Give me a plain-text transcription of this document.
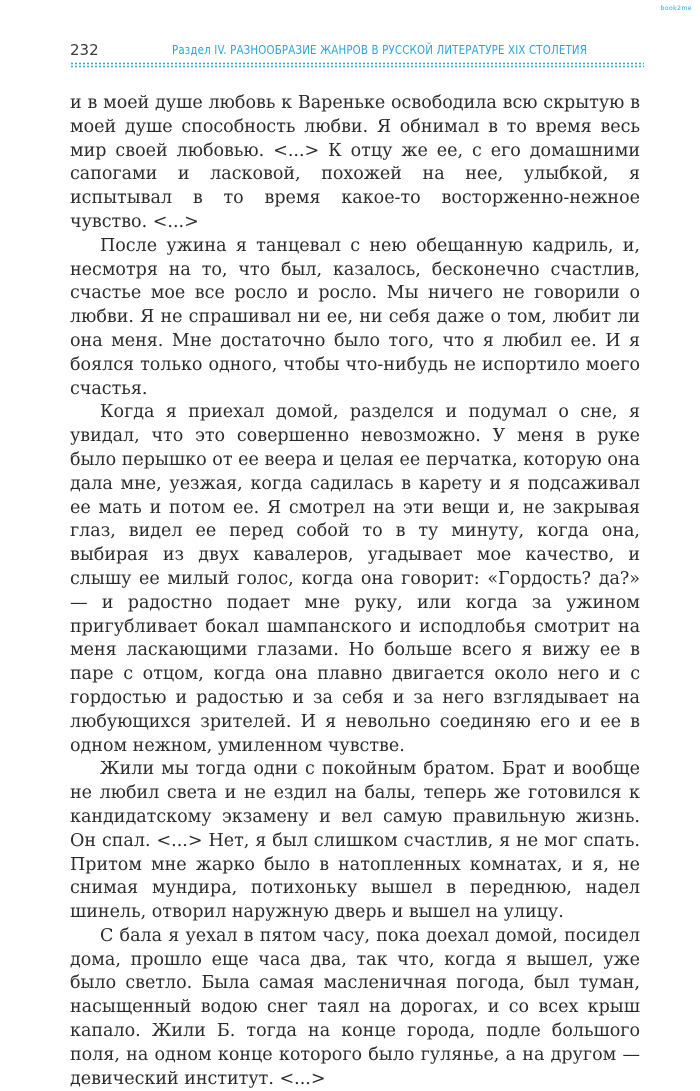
book2me
232	Раздел IV. РАЗНООБРАЗИЕ ЖАНРОВ В РУССКОЙ ЛИТЕРАТУРЕ XIX СТОЛЕТИЯ

и в моей душе любовь к Вареньке освободила всю скрытую в моей душе способность любви. Я обнимал в то время весь мир своей любовью. <...> К отцу же ее, с его домашними сапогами и ласковой, похожей на нее, улыбкой, я испытывал в то время какое-то восторженно-нежное чувство. <...>

После ужина я танцевал с нею обещанную кадриль, и, несмотря на то, что был, казалось, бесконечно счастлив, счастье мое все росло и росло. Мы ничего не говорили о любви. Я не спрашивал ни ее, ни себя даже о том, любит ли она меня. Мне достаточно было того, что я любил ее. И я боялся только одного, чтобы что-нибудь не испортило моего счастья.

Когда я приехал домой, разделся и подумал о сне, я увидал, что это совершенно невозможно. У меня в руке было перышко от ее веера и целая ее перчатка, которую она дала мне, уезжая, когда садилась в карету и я подсаживал ее мать и потом ее. Я смотрел на эти вещи и, не закрывая глаз, видел ее перед собой то в ту минуту, когда она, выбирая из двух кавалеров, угадывает мое качество, и слышу ее милый голос, когда она говорит: «Гордость? да?» — и радостно подает мне руку, или когда за ужином пригубливает бокал шампанского и исподлобья смотрит на меня ласкающими глазами. Но больше всего я вижу ее в паре с отцом, когда она плавно двигается около него и с гордостью и радостью и за себя и за него взглядывает на любующихся зрителей. И я невольно соединяю его и ее в одном нежном, умиленном чувстве.

Жили мы тогда одни с покойным братом. Брат и вообще не любил света и не ездил на балы, теперь же готовился к кандидатскому экзамену и вел самую правильную жизнь. Он спал. <...> Нет, я был слишком счастлив, я не мог спать. Притом мне жарко было в натопленных комнатах, и я, не снимая мундира, потихоньку вышел в переднюю, надел шинель, отворил наружную дверь и вышел на улицу.

С бала я уехал в пятом часу, пока доехал домой, посидел дома, прошло еще часа два, так что, когда я вышел, уже было светло. Была самая масленичная погода, был туман, насыщенный водою снег таял на дорогах, и со всех крыш капало. Жили Б. тогда на конце города, подле большого поля, на одном конце которого было гулянье, а на другом — девический институт. <...>
